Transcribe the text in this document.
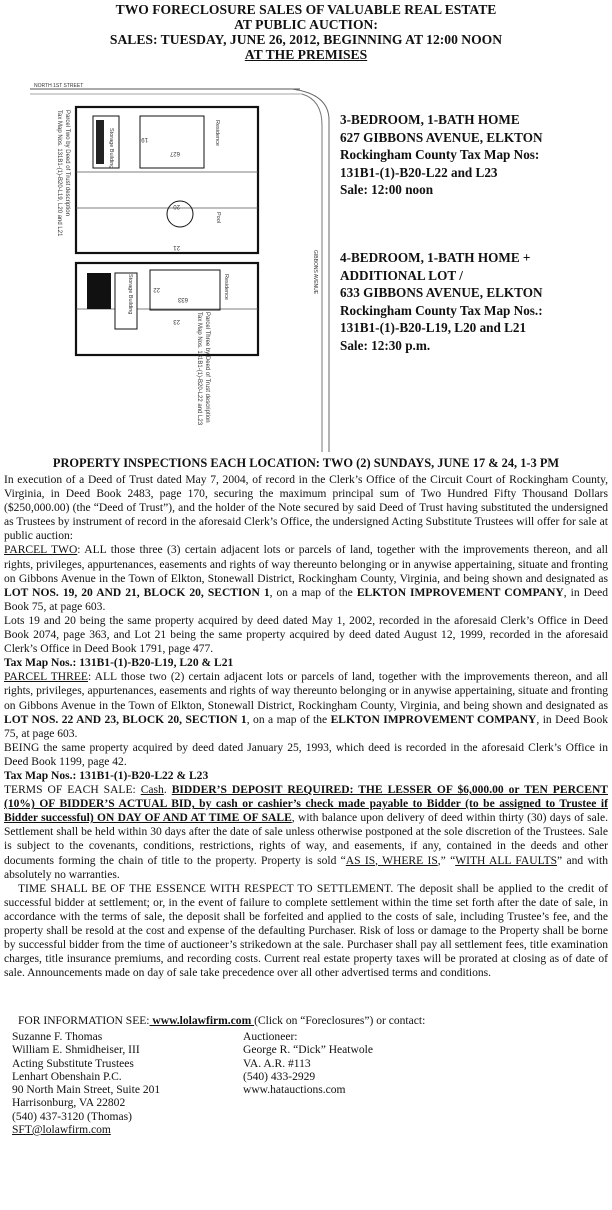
TWO FORECLOSURE SALES OF VALUABLE REAL ESTATE
AT PUBLIC AUCTION:
SALES: TUESDAY, JUNE 26, 2012, BEGINNING AT 12:00 NOON
AT THE PREMISES
NORTH 1ST STREET
GIBBONS AVENUE
Storage Building	Residence
19
627
20
21
Pool
Storage Building	Residence
22
633
23
Parcel Two by Deed of Trust description
Tax Map Nos. 131B1-(1)-B20-L19, L20 and L21
Parcel Three by Deed of Trust description
Tax Map Nos. 131B1-(1)-B20-L22 and L23
3-BEDROOM, 1-BATH HOME
627 GIBBONS AVENUE, ELKTON
Rockingham County Tax Map Nos:
131B1-(1)-B20-L22 and L23
Sale: 12:00 noon
4-BEDROOM, 1-BATH HOME +
ADDITIONAL LOT /
633 GIBBONS AVENUE, ELKTON
Rockingham County Tax Map Nos.:
131B1-(1)-B20-L19, L20 and L21
Sale: 12:30 p.m.
PROPERTY INSPECTIONS EACH LOCATION: TWO (2) SUNDAYS, JUNE 17 & 24, 1-3 PM

In execution of a Deed of Trust dated May 7, 2004, of record in the Clerk’s Office of the Circuit Court of Rockingham County, Virginia, in Deed Book 2483, page 170, securing the maximum principal sum of Two Hundred Fifty Thousand Dollars ($250,000.00) (the “Deed of Trust”), and the holder of the Note secured by said Deed of Trust having substituted the undersigned as Trustees by instrument of record in the aforesaid Clerk’s Office, the undersigned Acting Substitute Trustees will offer for sale at public auction:

PARCEL TWO: ALL those three (3) certain adjacent lots or parcels of land, together with the improvements thereon, and all rights, privileges, appurtenances, easements and rights of way thereunto belonging or in anywise appertaining, situate and fronting on Gibbons Avenue in the Town of Elkton, Stonewall District, Rockingham County, Virginia, and being shown and designated as LOT NOS. 19, 20 AND 21, BLOCK 20, SECTION 1, on a map of the ELKTON IMPROVEMENT COMPANY, in Deed Book 75, at page 603.

Lots 19 and 20 being the same property acquired by deed dated May 1, 2002, recorded in the aforesaid Clerk’s Office in Deed Book 2074, page 363, and Lot 21 being the same property acquired by deed dated August 12, 1999, recorded in the aforesaid Clerk’s Office in Deed Book 1791, page 477.

Tax Map Nos.: 131B1-(1)-B20-L19, L20 & L21

PARCEL THREE: ALL those two (2) certain adjacent lots or parcels of land, together with the improvements thereon, and all rights, privileges, appurtenances, easements and rights of way thereunto belonging or in anywise appertaining, situate and fronting on Gibbons Avenue in the Town of Elkton, Stonewall District, Rockingham County, Virginia, and being shown and designated as LOT NOS. 22 AND 23, BLOCK 20, SECTION 1, on a map of the ELKTON IMPROVEMENT COMPANY, in Deed Book 75, at page 603.

BEING the same property acquired by deed dated January 25, 1993, which deed is recorded in the aforesaid Clerk’s Office in Deed Book 1199, page 42.

Tax Map Nos.: 131B1-(1)-B20-L22 & L23

TERMS OF EACH SALE: Cash. BIDDER’S DEPOSIT REQUIRED: THE LESSER OF $6,000.00 or TEN PERCENT (10%) OF BIDDER’S ACTUAL BID, by cash or cashier’s check made payable to Bidder (to be assigned to Trustee if Bidder successful) ON DAY OF AND AT TIME OF SALE, with balance upon delivery of deed within thirty (30) days of sale. Settlement shall be held within 30 days after the date of sale unless otherwise postponed at the sole discretion of the Trustees. Sale is subject to the covenants, conditions, restrictions, rights of way, and easements, if any, contained in the deeds and other documents forming the chain of title to the property. Property is sold “AS IS, WHERE IS,” “WITH ALL FAULTS” and with absolutely no warranties.

TIME SHALL BE OF THE ESSENCE WITH RESPECT TO SETTLEMENT. The deposit shall be applied to the credit of successful bidder at settlement; or, in the event of failure to complete settlement within the time set forth after the date of sale, in accordance with the terms of sale, the deposit shall be forfeited and applied to the costs of sale, including Trustee’s fee, and the property shall be resold at the cost and expense of the defaulting Purchaser. Risk of loss or damage to the Property shall be borne by successful bidder from the time of auctioneer’s strikedown at the sale. Purchaser shall pay all settlement fees, title examination charges, title insurance premiums, and recording costs. Current real estate property taxes will be prorated at closing as of date of sale. Announcements made on day of sale take precedence over all other advertised terms and conditions.

FOR INFORMATION SEE: www.lolawfirm.com (Click on “Foreclosures”) or contact:
Suzanne F. Thomas
William E. Shmidheiser, III
Acting Substitute Trustees
Lenhart Obenshain P.C.
90 North Main Street, Suite 201
Harrisonburg, VA 22802
(540) 437-3120 (Thomas)
SFT@lolawfirm.com
Auctioneer:
George R. “Dick” Heatwole
VA. A.R. #113
(540) 433-2929
www.hatauctions.com
